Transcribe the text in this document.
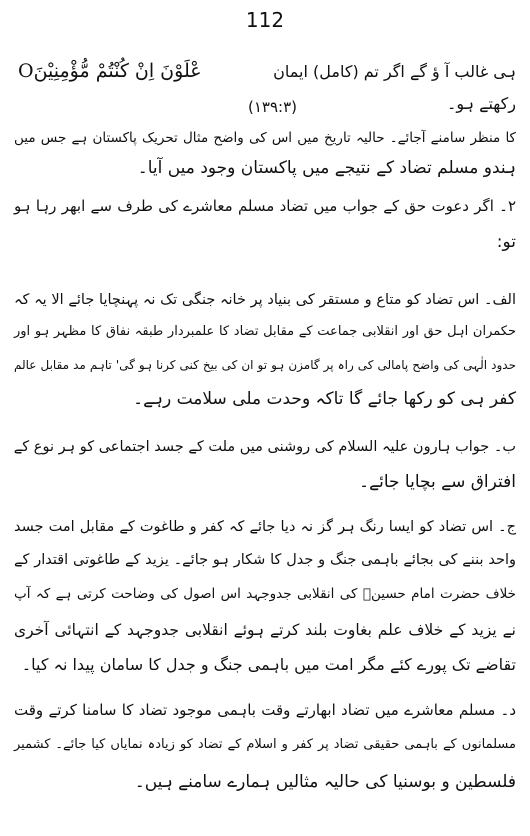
112
عْلَوْنَ اِنْ كُنْتُمْ مُّؤْمِنِيْنَO	ہی غالب آ ؤ گے اگر تم (کامل) ایمان
رکھتے ہو۔
(۱۳۹:۳)
کا منظر سامنے آجائے۔ حالیہ تاریخ میں اس کی واضح مثال تحریک پاکستان ہے جس میں
ہندو مسلم تضاد کے نتیجے میں پاکستان وجود میں آیا۔
۲۔ اگر دعوت حق کے جواب میں تضاد مسلم معاشرے کی طرف سے ابھر رہا ہو
تو:
الف۔ اس تضاد کو متاع و مستقر کی بنیاد پر خانہ جنگی تک نہ پہنچایا جائے الا یہ کہ
حکمران اہل حق اور انقلابی جماعت کے مقابل تضاد کا علمبردار طبقہ نفاق کا مظہر ہو اور
حدود الٰہی کی واضح پامالی کی راہ پر گامزن ہو تو ان کی بیخ کنی کرنا ہو گی' تاہم مد مقابل عالم
کفر ہی کو رکھا جائے گا تاکہ وحدت ملی سلامت رہے۔
ب۔ جواب ہارون علیہ السلام کی روشنی میں ملت کے جسد اجتماعی کو ہر نوع کے
افتراق سے بچایا جائے۔
ج۔ اس تضاد کو ایسا رنگ ہر گز نہ دیا جائے کہ کفر و طاغوت کے مقابل امت جسد
واحد بننے کی بجائے باہمی جنگ و جدل کا شکار ہو جائے۔ یزید کے طاغوتی اقتدار کے
خلاف حضرت امام حسینؓ کی انقلابی جدوجہد اس اصول کی وضاحت کرتی ہے کہ آپ
نے یزید کے خلاف علم بغاوت بلند کرتے ہوئے انقلابی جدوجہد کے انتہائی آخری
تقاضے تک پورے کئے مگر امت میں باہمی جنگ و جدل کا سامان پیدا نہ کیا۔
د۔ مسلم معاشرے میں تضاد ابھارتے وقت باہمی موجود تضاد کا سامنا کرتے وقت
مسلمانوں کے باہمی حقیقی تضاد پر کفر و اسلام کے تضاد کو زیادہ نمایاں کیا جائے۔ کشمیر
فلسطین و بوسنیا کی حالیہ مثالیں ہمارے سامنے ہیں۔
